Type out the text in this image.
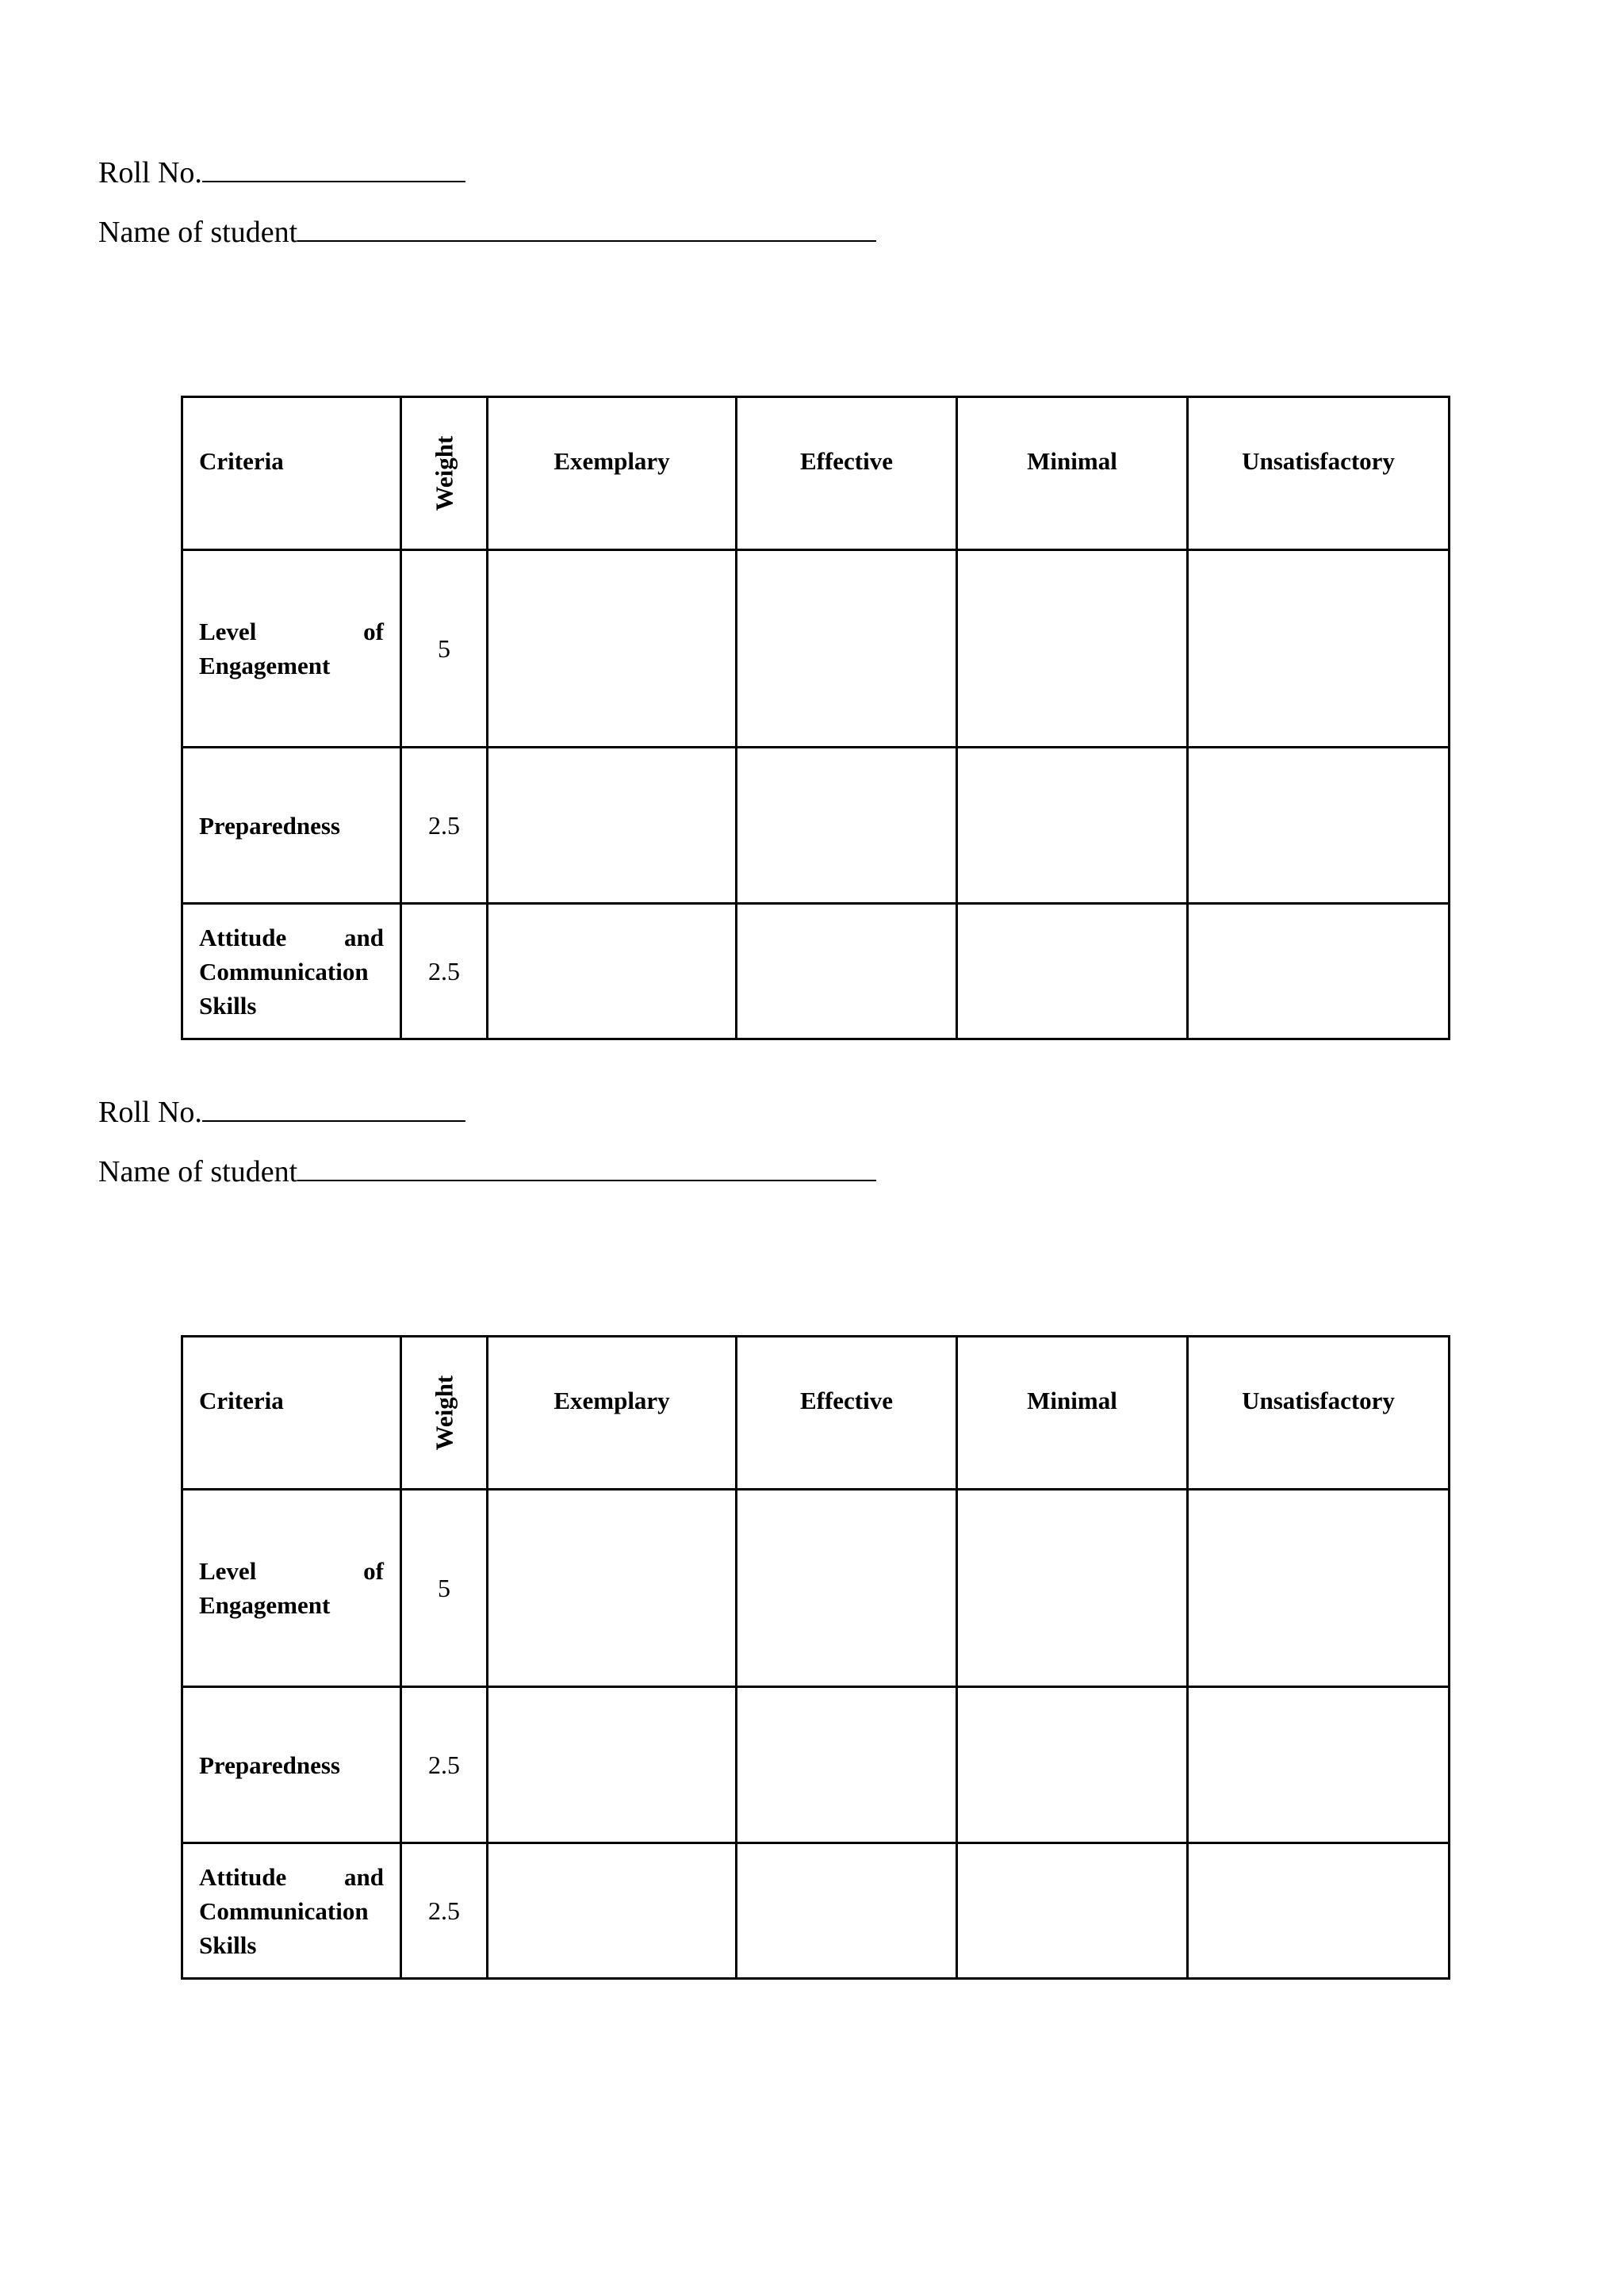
Roll No.
Name of student
Criteria	Weight	Exemplary	Effective	Minimal	Unsatisfactory
Level of Engagement	5				
Preparedness	2.5				
Attitude and Communication Skills	2.5				
Roll No.
Name of student
Criteria	Weight	Exemplary	Effective	Minimal	Unsatisfactory
Level of Engagement	5				
Preparedness	2.5				
Attitude and Communication Skills	2.5				
